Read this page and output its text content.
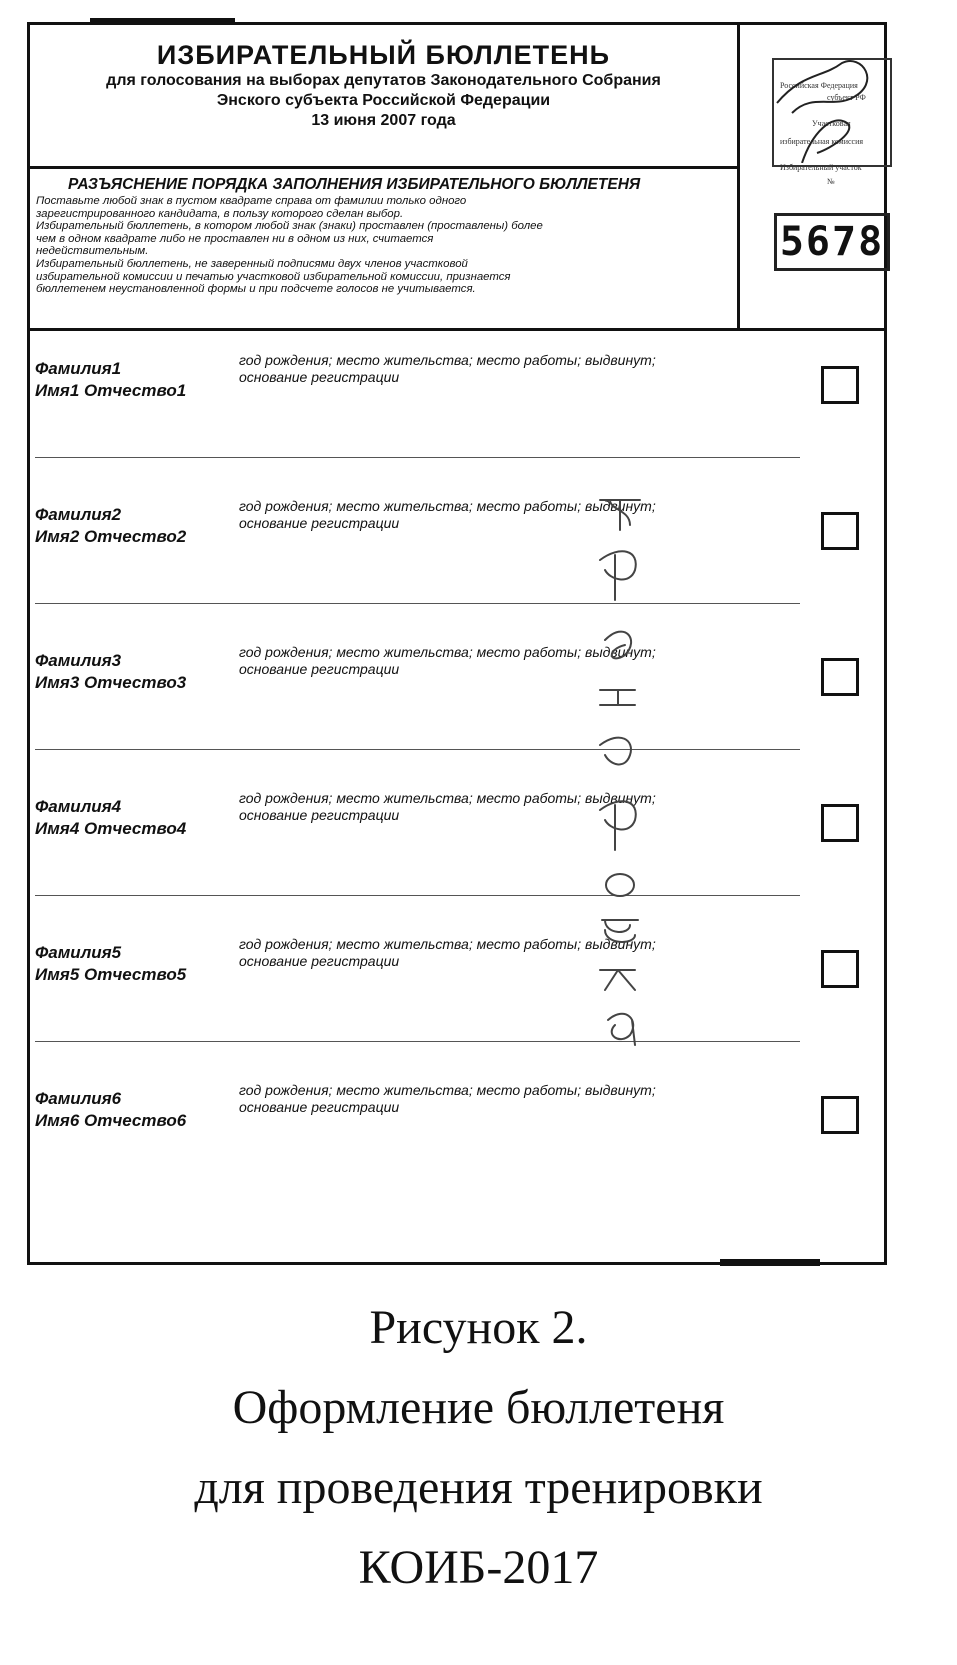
ИЗБИРАТЕЛЬНЫЙ БЮЛЛЕТЕНЬ
для голосования на выборах депутатов Законодательного Собрания
Энского субъекта Российской Федерации
13 июня 2007 года
РАЗЪЯСНЕНИЕ ПОРЯДКА ЗАПОЛНЕНИЯ ИЗБИРАТЕЛЬНОГО БЮЛЛЕТЕНЯ
Поставьте любой знак в пустом квадрате справа от фамилии только одного
зарегистрированного кандидата, в пользу которого сделан выбор.
Избирательный бюллетень, в котором любой знак (знаки) проставлен (проставлены) более
чем в одном квадрате либо не проставлен ни в одном из них, считается
недействительным.
Избирательный бюллетень, не заверенный подписями двух членов участковой
избирательной комиссии и печатью участковой избирательной комиссии, признается
бюллетенем неустановленной формы и при подсчете голосов не учитывается.
Российская Федерация
субъект РФ
Участковая
избирательная комиссия
Избирательный участок
№
5678
Фамилия1
Имя1 Отчество1
год рождения; место жительства; место работы; выдвинут;
основание регистрации
Фамилия2
Имя2 Отчество2
год рождения; место жительства; место работы; выдвинут;
основание регистрации
Фамилия3
Имя3 Отчество3
год рождения; место жительства; место работы; выдвинут;
основание регистрации
Фамилия4
Имя4 Отчество4
год рождения; место жительства; место работы; выдвинут;
основание регистрации
Фамилия5
Имя5 Отчество5
год рождения; место жительства; место работы; выдвинут;
основание регистрации
Фамилия6
Имя6 Отчество6
год рождения; место жительства; место работы; выдвинут;
основание регистрации
Рисунок 2.
Оформление бюллетеня
для проведения тренировки
КОИБ-2017
